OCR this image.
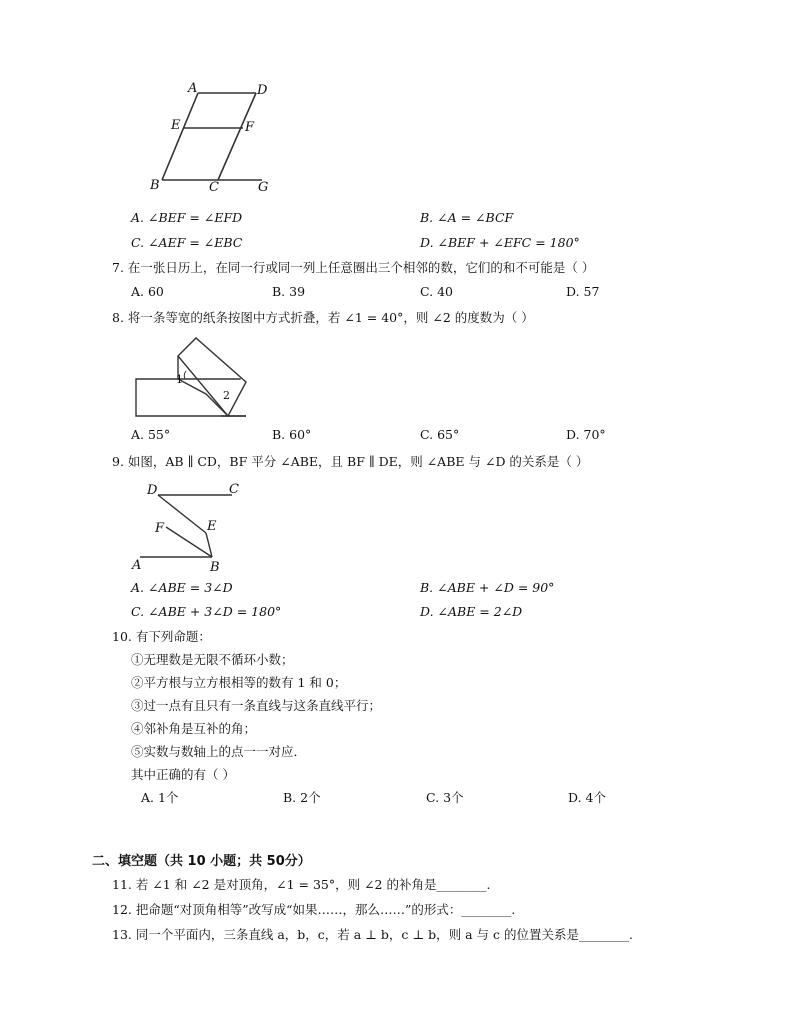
A	D
E	F
B	C	G
A. ∠BEF = ∠EFD	B. ∠A = ∠BCF
C. ∠AEF = ∠EBC	D. ∠BEF + ∠EFC = 180°
7. 在一张日历上，在同一行或同一列上任意圈出三个相邻的数，它们的和不可能是（ ）
A. 60	B. 39	C. 40	D. 57
8. 将一条等宽的纸条按图中方式折叠，若 ∠1 = 40°，则 ∠2 的度数为（ ）
1
2
A. 55°	B. 60°	C. 65°	D. 70°
9. 如图，AB ∥ CD，BF 平分 ∠ABE，且 BF ∥ DE，则 ∠ABE 与 ∠D 的关系是（ ）
D	C
F	E
A	B
A. ∠ABE = 3∠D	B. ∠ABE + ∠D = 90°
C. ∠ABE + 3∠D = 180°	D. ∠ABE = 2∠D
10. 有下列命题：
①无理数是无限不循环小数；
②平方根与立方根相等的数有 1 和 0；
③过一点有且只有一条直线与这条直线平行；
④邻补角是互补的角；
⑤实数与数轴上的点一一对应．
其中正确的有（ ）
A. 1个	B. 2个	C. 3个	D. 4个
二、填空题（共 10 小题；共 50分）
11. 若 ∠1 和 ∠2 是对顶角，∠1 = 35°，则 ∠2 的补角是________.
12. 把命题“对顶角相等”改写成“如果……，那么……”的形式：________.
13. 同一个平面内，三条直线 a，b，c，若 a ⊥ b，c ⊥ b，则 a 与 c 的位置关系是________.
